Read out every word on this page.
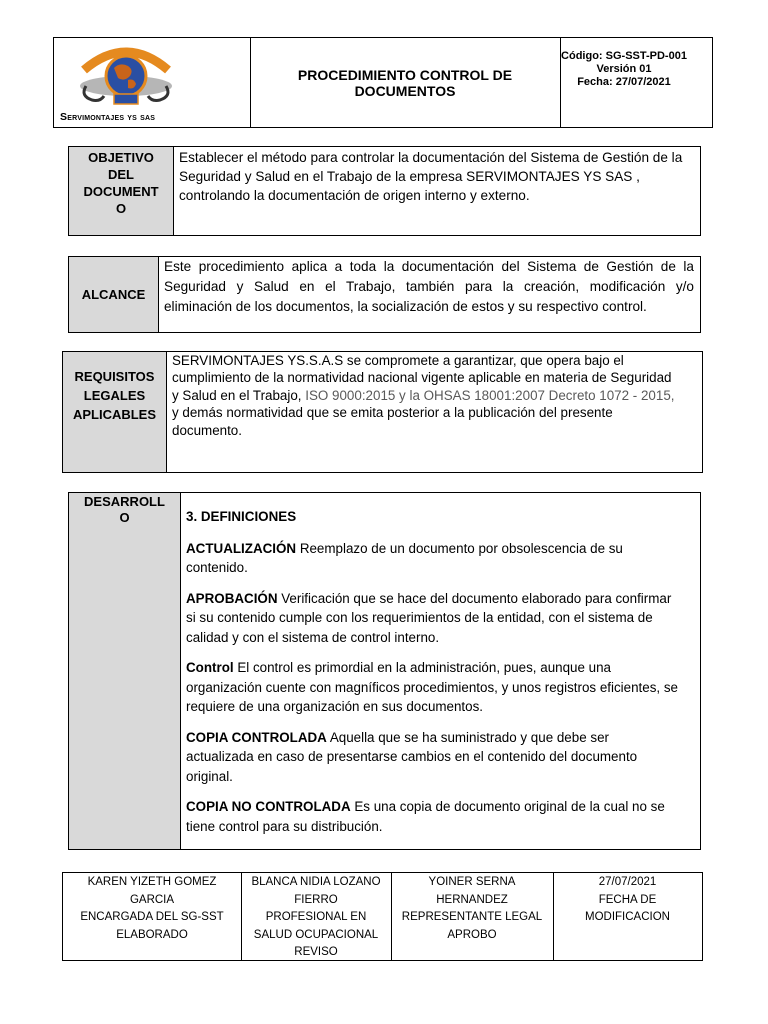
Servimontajes ys sas
PROCEDIMIENTO CONTROL DE
DOCUMENTOS
Código: SG-SST-PD-001
Versión 01
Fecha: 27/07/2021
OBJETIVO
DEL
DOCUMENT
O
Establecer el método para controlar la documentación del Sistema de Gestión de la
Seguridad y Salud en el Trabajo de la empresa SERVIMONTAJES YS SAS ,
controlando la documentación de origen interno y externo.
ALCANCE
Este procedimiento aplica a toda la documentación del Sistema de Gestión de la
Seguridad y Salud en el Trabajo, también para la creación, modificación y/o
eliminación de los documentos, la socialización de estos y su respectivo control.
REQUISITOS
LEGALES
APLICABLES
SERVIMONTAJES YS.S.A.S se compromete a garantizar, que opera bajo el
cumplimiento de la normatividad nacional vigente aplicable en materia de Seguridad
y Salud en el Trabajo, ISO 9000:2015 y la OHSAS 18001:2007 Decreto 1072 - 2015,
y demás normatividad que se emita posterior a la publicación del presente
documento.
DESARROLL
O	3. DEFINICIONES

ACTUALIZACIÓN Reemplazo de un documento por obsolescencia de su
contenido.

APROBACIÓN Verificación que se hace del documento elaborado para confirmar
si su contenido cumple con los requerimientos de la entidad, con el sistema de
calidad y con el sistema de control interno.

Control El control es primordial en la administración, pues, aunque una
organización cuente con magníficos procedimientos, y unos registros eficientes, se
requiere de una organización en sus documentos.

COPIA CONTROLADA Aquella que se ha suministrado y que debe ser
actualizada en caso de presentarse cambios en el contenido del documento
original.

COPIA NO CONTROLADA Es una copia de documento original de la cual no se
tiene control para su distribución.

KAREN YIZETH GOMEZ
GARCIA
ENCARGADA DEL SG-SST
ELABORADO
BLANCA NIDIA LOZANO
FIERRO
PROFESIONAL EN
SALUD OCUPACIONAL
REVISO
YOINER SERNA
HERNANDEZ
REPRESENTANTE LEGAL
APROBO
27/07/2021
FECHA DE
MODIFICACION
